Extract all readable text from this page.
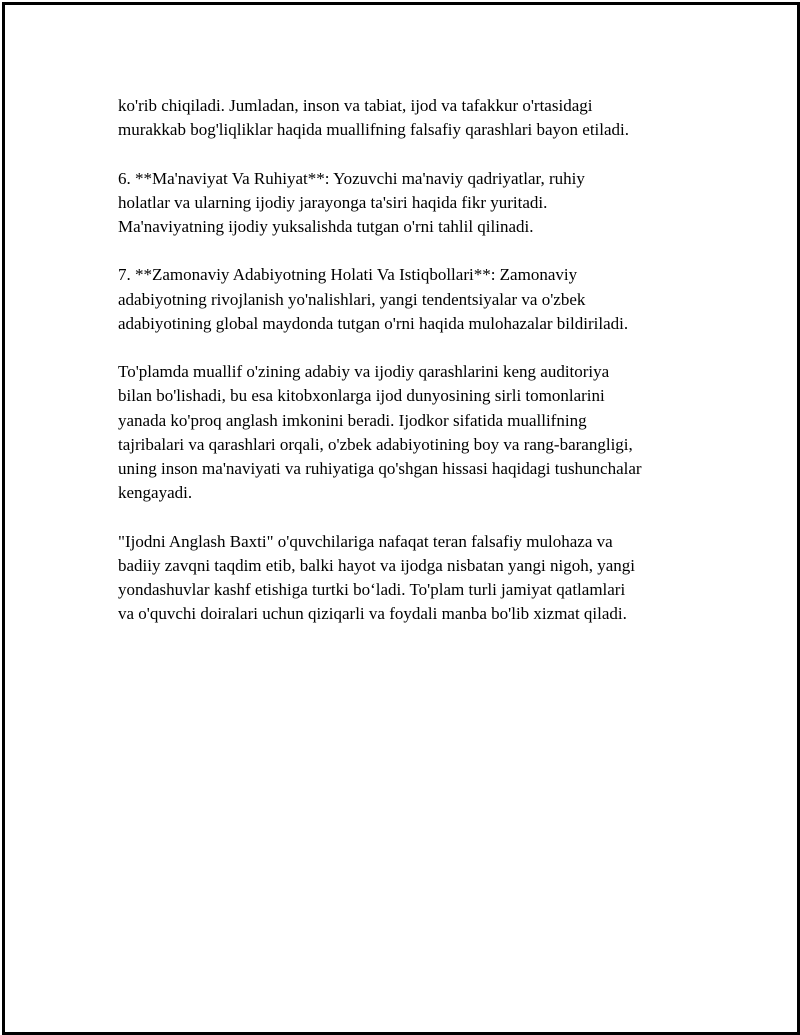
ko'rib chiqiladi. Jumladan, inson va tabiat, ijod va tafakkur o'rtasidagi
murakkab bog'liqliklar haqida muallifning falsafiy qarashlari bayon etiladi.

6. **Ma'naviyat Va Ruhiyat**: Yozuvchi ma'naviy qadriyatlar, ruhiy
holatlar va ularning ijodiy jarayonga ta'siri haqida fikr yuritadi.
Ma'naviyatning ijodiy yuksalishda tutgan o'rni tahlil qilinadi.

7. **Zamonaviy Adabiyotning Holati Va Istiqbollari**: Zamonaviy
adabiyotning rivojlanish yo'nalishlari, yangi tendentsiyalar va o'zbek
adabiyotining global maydonda tutgan o'rni haqida mulohazalar bildiriladi.

To'plamda muallif o'zining adabiy va ijodiy qarashlarini keng auditoriya
bilan bo'lishadi, bu esa kitobxonlarga ijod dunyosining sirli tomonlarini
yanada ko'proq anglash imkonini beradi. Ijodkor sifatida muallifning
tajribalari va qarashlari orqali, o'zbek adabiyotining boy va rang-barangligi,
uning inson ma'naviyati va ruhiyatiga qo'shgan hissasi haqidagi tushunchalar
kengayadi.

"Ijodni Anglash Baxti" o'quvchilariga nafaqat teran falsafiy mulohaza va
badiiy zavqni taqdim etib, balki hayot va ijodga nisbatan yangi nigoh, yangi
yondashuvlar kashf etishiga turtki bo‘ladi. To'plam turli jamiyat qatlamlari
va o'quvchi doiralari uchun qiziqarli va foydali manba bo'lib xizmat qiladi.
